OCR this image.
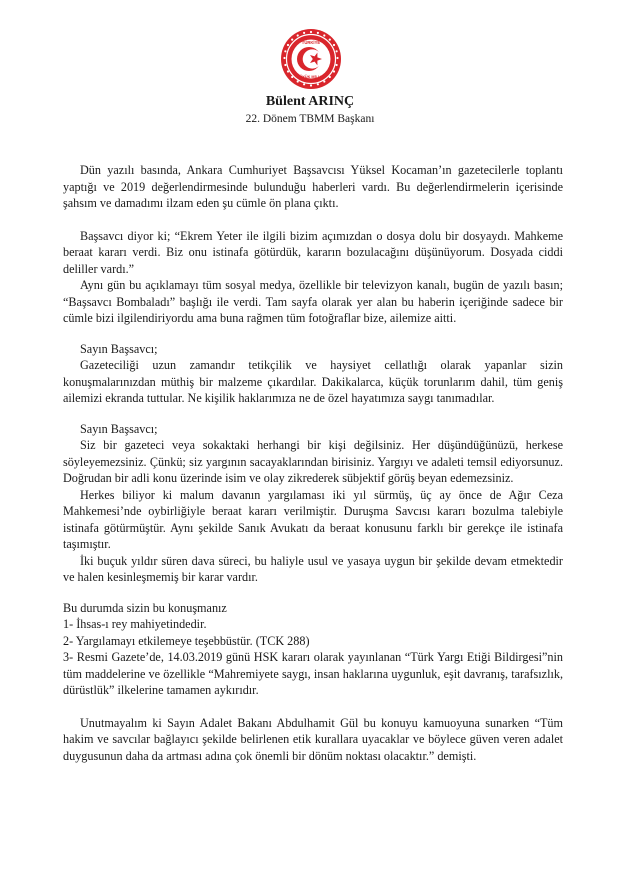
TÜRKİYE
BÜYÜK MİLLET
Bülent ARINÇ
22. Dönem TBMM Başkanı

Dün yazılı basında, Ankara Cumhuriyet Başsavcısı Yüksel Kocaman’ın gazetecilerle toplantı

yaptığı ve 2019 değerlendirmesinde bulunduğu haberleri vardı. Bu değerlendirmelerin içerisinde

şahsım ve damadımı ilzam eden şu cümle ön plana çıktı.

Başsavcı diyor ki; “Ekrem Yeter ile ilgili bizim açımızdan o dosya dolu bir dosyaydı. Mahkeme beraat kararı verdi. Biz onu istinafa götürdük, kararın bozulacağını düşünüyorum. Dosyada ciddi deliller vardı.”

Aynı gün bu açıklamayı tüm sosyal medya, özellikle bir televizyon kanalı, bugün de yazılı basın; “Başsavcı Bombaladı” başlığı ile verdi. Tam sayfa olarak yer alan bu haberin içeriğinde sadece bir cümle bizi ilgilendiriyordu ama buna rağmen tüm fotoğraflar bize, ailemize aitti.

Sayın Başsavcı;

Gazeteciliği uzun zamandır tetikçilik ve haysiyet cellatlığı olarak yapanlar sizin konuşmalarınızdan müthiş bir malzeme çıkardılar. Dakikalarca, küçük torunlarım dahil, tüm geniş ailemizi ekranda tuttular. Ne kişilik haklarımıza ne de özel hayatımıza saygı tanımadılar.

Sayın Başsavcı;

Siz bir gazeteci veya sokaktaki herhangi bir kişi değilsiniz. Her düşündüğünüzü, herkese söyleyemezsiniz. Çünkü; siz yargının sacayaklarından birisiniz. Yargıyı ve adaleti temsil ediyorsunuz. Doğrudan bir adli konu üzerinde isim ve olay zikrederek sübjektif görüş beyan edemezsiniz.

Herkes biliyor ki malum davanın yargılaması iki yıl sürmüş, üç ay önce de Ağır Ceza Mahkemesi’nde oybirliğiyle beraat kararı verilmiştir. Duruşma Savcısı kararı bozulma talebiyle istinafa götürmüştür. Aynı şekilde Sanık Avukatı da beraat konusunu farklı bir gerekçe ile istinafa taşımıştır.

İki buçuk yıldır süren dava süreci, bu haliyle usul ve yasaya uygun bir şekilde devam etmektedir ve halen kesinleşmemiş bir karar vardır.

Bu durumda sizin bu konuşmanız

1- İhsas-ı rey mahiyetindedir.

2- Yargılamayı etkilemeye teşebbüstür. (TCK 288)

3- Resmi Gazete’de, 14.03.2019 günü HSK kararı olarak yayınlanan “Türk Yargı Etiği Bildirgesi”nin tüm maddelerine ve özellikle “Mahremiyete saygı, insan haklarına uygunluk, eşit davranış, tarafsızlık, dürüstlük” ilkelerine tamamen aykırıdır.

Unutmayalım ki Sayın Adalet Bakanı Abdulhamit Gül bu konuyu kamuoyuna sunarken “Tüm hakim ve savcılar bağlayıcı şekilde belirlenen etik kurallara uyacaklar ve böylece güven veren adalet duygusunun daha da artması adına çok önemli bir dönüm noktası olacaktır.” demişti.
